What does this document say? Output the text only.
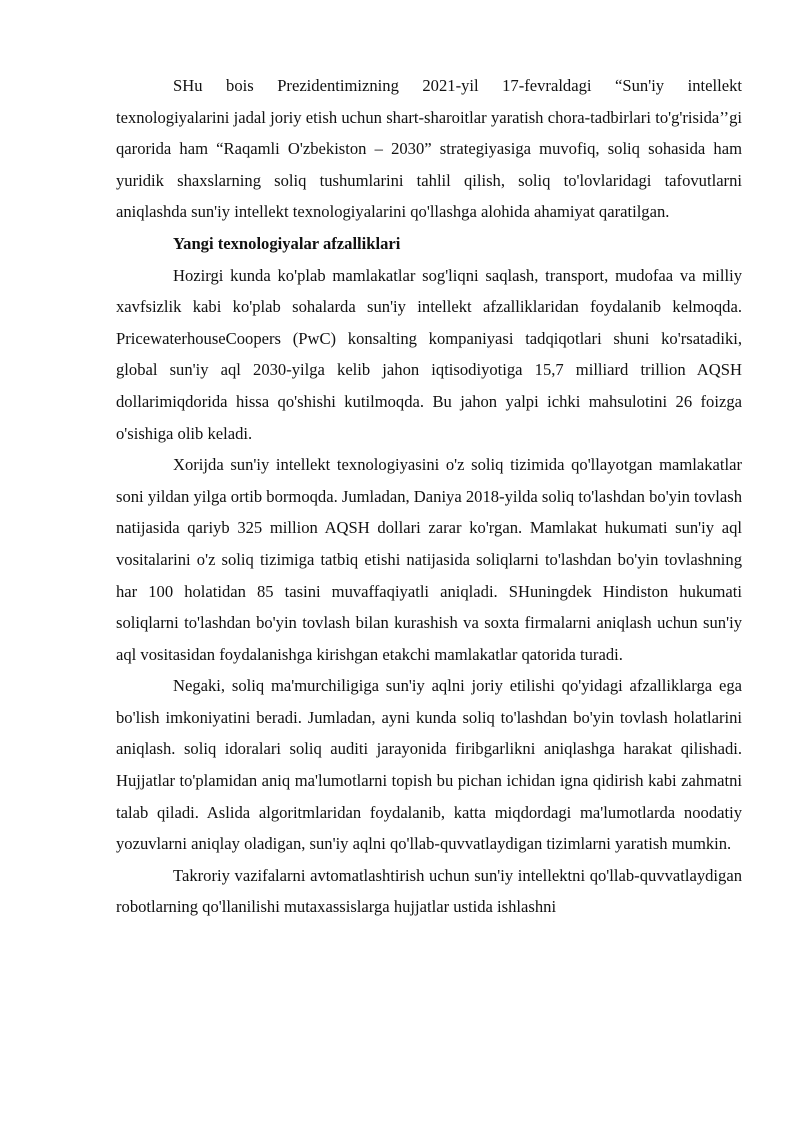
SHu bois Prezidentimizning 2021-yil 17-fevraldagi “Sun'iy intellekt texnologiyalarini jadal joriy etish uchun shart-sharoitlar yaratish chora-tadbirlari to'g'risida’’gi qarorida ham “Raqamli O'zbekiston – 2030” strategiyasiga muvofiq, soliq sohasida ham yuridik shaxslarning soliq tushumlarini tahlil qilish, soliq to'lovlaridagi tafovutlarni aniqlashda sun'iy intellekt texnologiyalarini qo'llashga alohida ahamiyat qaratilgan.

Yangi texnologiyalar afzalliklari

Hozirgi kunda ko'plab mamlakatlar sog'liqni saqlash, transport, mudofaa va milliy xavfsizlik kabi ko'plab sohalarda sun'iy intellekt afzalliklaridan foydalanib kelmoqda. PricewaterhouseCoopers (PwC) konsalting kompaniyasi tadqiqotlari shuni ko'rsatadiki, global sun'iy aql 2030-yilga kelib jahon iqtisodiyotiga 15,7 milliard trillion AQSH dollarimiqdorida hissa qo'shishi kutilmoqda. Bu jahon yalpi ichki mahsulotini 26 foizga o'sishiga olib keladi.

Xorijda sun'iy intellekt texnologiyasini o'z soliq tizimida qo'llayotgan mamlakatlar soni yildan yilga ortib bormoqda. Jumladan, Daniya 2018-yilda soliq to'lashdan bo'yin tovlash natijasida qariyb 325 million AQSH dollari zarar ko'rgan. Mamlakat hukumati sun'iy aql vositalarini o'z soliq tizimiga tatbiq etishi natijasida soliqlarni to'lashdan bo'yin tovlashning har 100 holatidan 85 tasini muvaffaqiyatli aniqladi. SHuningdek Hindiston hukumati soliqlarni to'lashdan bo'yin tovlash bilan kurashish va soxta firmalarni aniqlash uchun sun'iy aql vositasidan foydalanishga kirishgan etakchi mamlakatlar qatorida turadi.

Negaki, soliq ma'murchiligiga sun'iy aqlni joriy etilishi qo'yidagi afzalliklarga ega bo'lish imkoniyatini beradi. Jumladan, ayni kunda soliq to'lashdan bo'yin tovlash holatlarini aniqlash. soliq idoralari soliq auditi jarayonida firibgarlikni aniqlashga harakat qilishadi. Hujjatlar to'plamidan aniq ma'lumotlarni topish bu pichan ichidan igna qidirish kabi zahmatni talab qiladi. Aslida algoritmlaridan foydalanib, katta miqdordagi ma'lumotlarda noodatiy yozuvlarni aniqlay oladigan, sun'iy aqlni qo'llab-quvvatlaydigan tizimlarni yaratish mumkin.

Takroriy vazifalarni avtomatlashtirish uchun sun'iy intellektni qo'llab-quvvatlaydigan robotlarning qo'llanilishi mutaxassislarga hujjatlar ustida ishlashni
